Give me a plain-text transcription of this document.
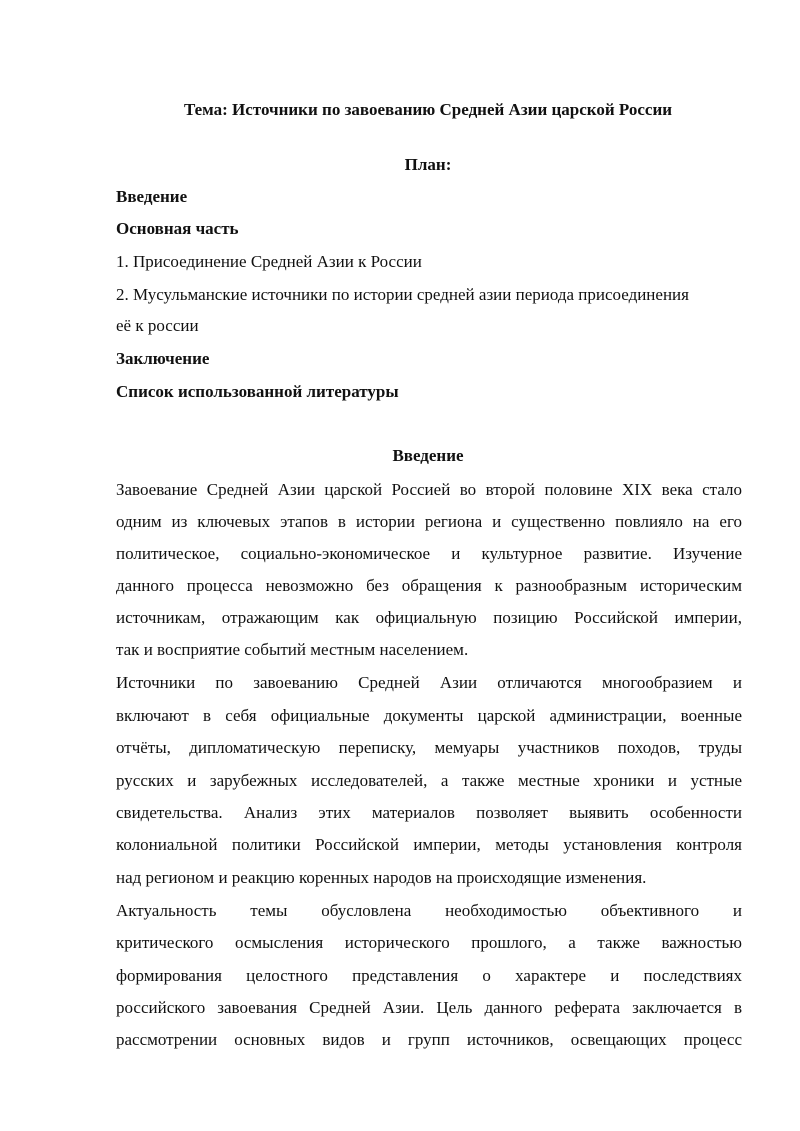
Тема: Источники по завоеванию Средней Азии царской России
План:
Введение
Основная часть
1. Присоединение Средней Азии к России
2. Мусульманские источники по истории средней азии периода присоединения
её к россии
Заключение
Список использованной литературы
Введение
Завоевание Средней Азии царской Россией во второй половине XIX века стало
одним из ключевых этапов в истории региона и существенно повлияло на его
политическое, социально-экономическое и культурное развитие. Изучение
данного процесса невозможно без обращения к разнообразным историческим
источникам, отражающим как официальную позицию Российской империи,
так и восприятие событий местным населением.
Источники по завоеванию Средней Азии отличаются многообразием и
включают в себя официальные документы царской администрации, военные
отчёты, дипломатическую переписку, мемуары участников походов, труды
русских и зарубежных исследователей, а также местные хроники и устные
свидетельства. Анализ этих материалов позволяет выявить особенности
колониальной политики Российской империи, методы установления контроля
над регионом и реакцию коренных народов на происходящие изменения.
Актуальность темы обусловлена необходимостью объективного и
критического осмысления исторического прошлого, а также важностью
формирования целостного представления о характере и последствиях
российского завоевания Средней Азии. Цель данного реферата заключается в
рассмотрении основных видов и групп источников, освещающих процесс
